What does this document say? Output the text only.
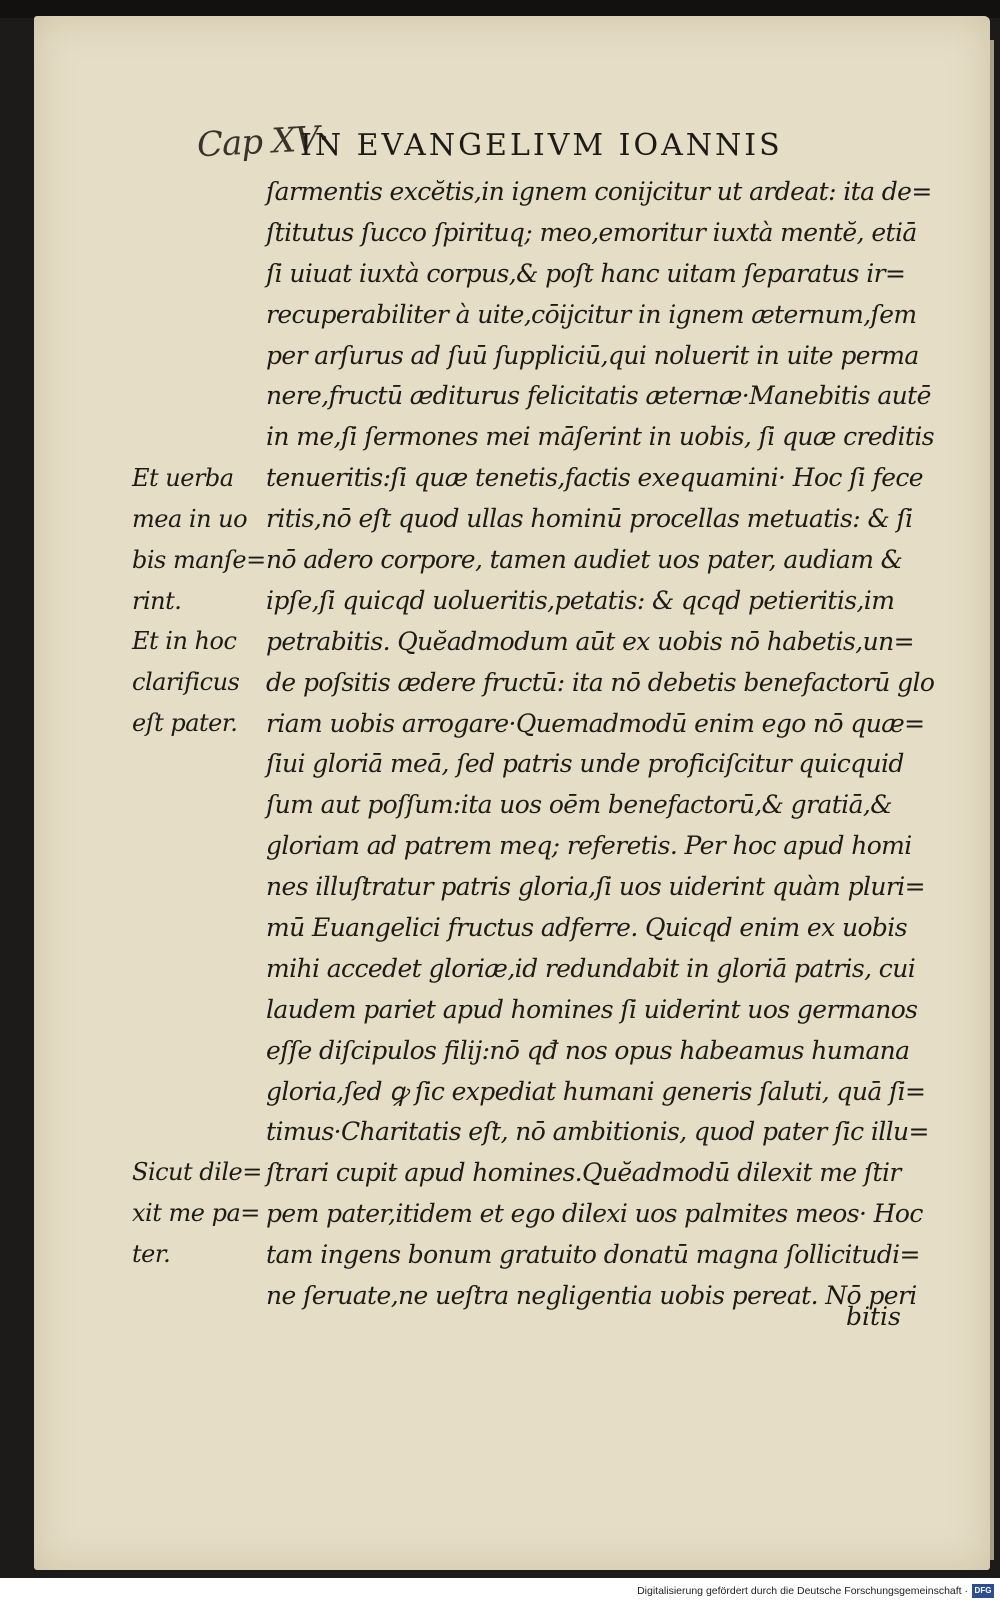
Cap XV·
IN EVANGELIVM IOANNIS
Et uerba
mea in uo
bis manſe=
rint.
Et in hoc
clarificus
eſt pater.
Sicut dile=
xit me pa=
ter.
ſarmentis excĕtis,in ignem conijcitur ut ardeat: ita de=
ſtitutus ſucco ſpirituq; meo,emoritur iuxtà mentĕ, etiā
ſi uiuat iuxtà corpus,& poſt hanc uitam ſeparatus ir=
recuperabiliter à uite,cōijcitur in ignem æternum,ſem
per arſurus ad ſuū ſuppliciū,qui noluerit in uite perma
nere,fructū æditurus felicitatis æternæ·Manebitis autē
in me,ſi ſermones mei māſerint in uobis, ſi quæ creditis
tenueritis:ſi quæ tenetis,factis exequamini· Hoc ſi fece
ritis,nō eſt quod ullas hominū procellas metuatis: & ſi
nō adero corpore, tamen audiet uos pater, audiam &
ipſe,ſi quicqd uolueritis,petatis: & qcqd petieritis,im
petrabitis. Quĕadmodum aūt ex uobis nō habetis,un=
de poſsitis ædere fructū: ita nō debetis benefactorū glo
riam uobis arrogare·Quemadmodū enim ego nō quæ=
ſiui gloriā meā, ſed patris unde proficiſcitur quicquid
ſum aut poſſum:ita uos oēm benefactorū,& gratiā,&
gloriam ad patrem meq; referetis. Per hoc apud homi
nes illuſtratur patris gloria,ſi uos uiderint quàm pluri=
mū Euangelici fructus adferre. Quicqd enim ex uobis
mihi accedet gloriæ,id redundabit in gloriā patris, cui
laudem pariet apud homines ſi uiderint uos germanos
eſſe diſcipulos filij:nō qđ nos opus habeamus humana
gloria,ſed ꝙ ſic expediat humani generis ſaluti, quā ſi=
timus·Charitatis eſt, nō ambitionis, quod pater ſic illu=
ſtrari cupit apud homines.Quĕadmodū dilexit me ſtir
pem pater,itidem et ego dilexi uos palmites meos· Hoc
tam ingens bonum gratuito donatū magna ſollicitudi=
ne ſeruate,ne ueſtra negligentia uobis pereat. Nō peri
bitis
Digitalisierung gefördert durch die Deutsche Forschungsgemeinschaft · DFG
